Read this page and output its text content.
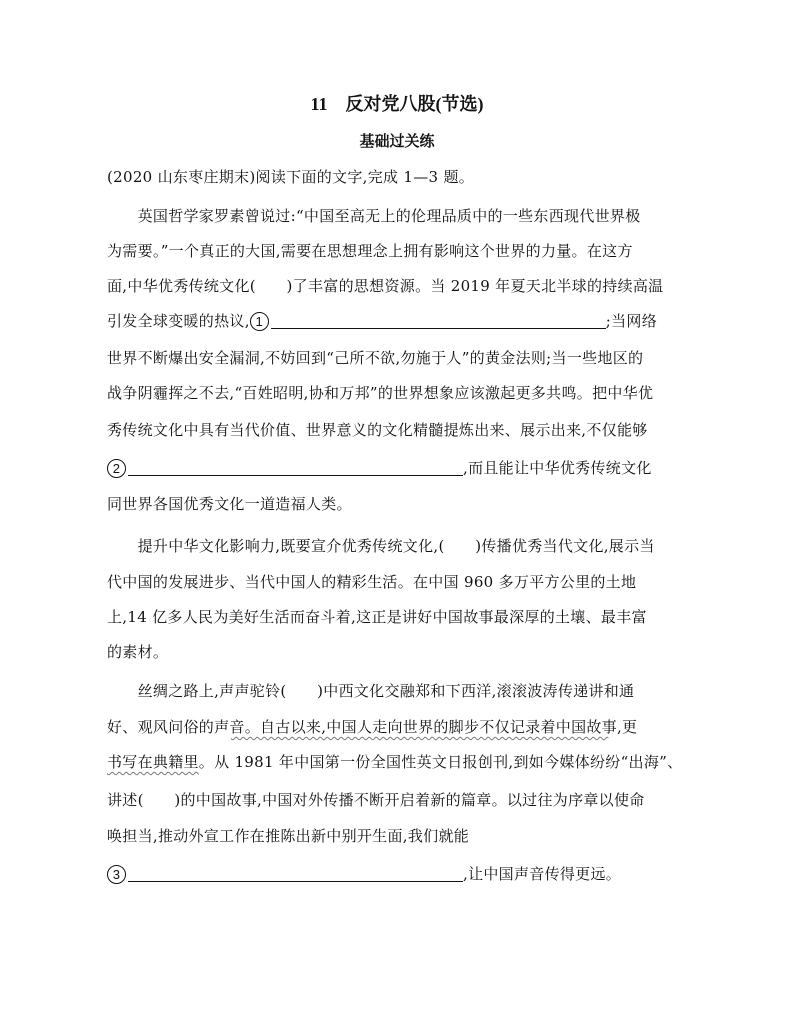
11　反对党八股(节选)
基础过关练
(2020 山东枣庄期末)阅读下面的文字,完成 1—3 题。
　　英国哲学家罗素曾说过:“中国至高无上的伦理品质中的一些东西现代世界极
为需要。”一个真正的大国,需要在思想理念上拥有影响这个世界的力量。在这方
面,中华优秀传统文化(　　)了丰富的思想资源。当 2019 年夏天北半球的持续高温
引发全球变暖的热议, 1	;当网络
世界不断爆出安全漏洞,不妨回到“己所不欲,勿施于人”的黄金法则;当一些地区的
战争阴霾挥之不去,“百姓昭明,协和万邦”的世界想象应该激起更多共鸣。把中华优
秀传统文化中具有当代价值、世界意义的文化精髓提炼出来、展示出来,不仅能够
2	,而且能让中华优秀传统文化
同世界各国优秀文化一道造福人类。
　　提升中华文化影响力,既要宣介优秀传统文化,(　　)传播优秀当代文化,展示当
代中国的发展进步、当代中国人的精彩生活。在中国 960 多万平方公里的土地
上,14 亿多人民为美好生活而奋斗着,这正是讲好中国故事最深厚的土壤、最丰富
的素材。
　　丝绸之路上,声声驼铃(　　)中西文化交融郑和下西洋,滚滚波涛传递讲和通
好、观风问俗的声音。自古以来,中国人走向世界的脚步不仅记录着中国故事,更
书写在典籍里。从 1981 年中国第一份全国性英文日报创刊,到如今媒体纷纷“出海”、
讲述(　　)的中国故事,中国对外传播不断开启着新的篇章。以过往为序章以使命
唤担当,推动外宣工作在推陈出新中别开生面,我们就能
3	,让中国声音传得更远。
